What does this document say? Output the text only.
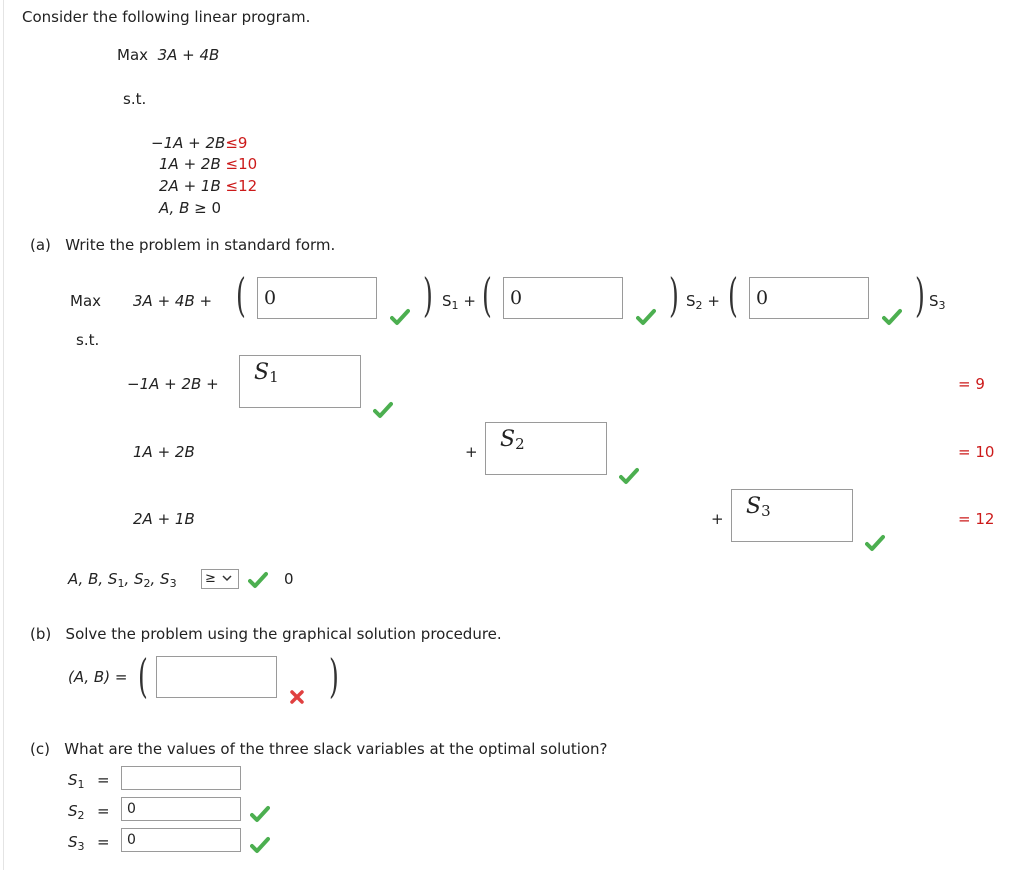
Consider the following linear program.
Max 3A + 4B
s.t.
−1A + 2B≤9
1A + 2B ≤10
2A + 1B ≤12
A, B ≥ 0
(a) Write the problem in standard form.
Max 3A + 4B + ( 0	) $S_1$ + ( 0	) $S_2$ + ( 0	) $S_3$
s.t.
−1A + 2B +	$S_1$	= 9
1A + 2B	+	$S_2$	= 10
2A + 1B	+	$S_3$	= 12
A, B, $S_1$, $S_2$, $S_3$	≥	0
(b) Solve the problem using the graphical solution procedure.
(A, B) = (	)
(c) What are the values of the three slack variables at the optimal solution?
$S_1$ =
$S_2$ =	0
$S_3$ =	0
